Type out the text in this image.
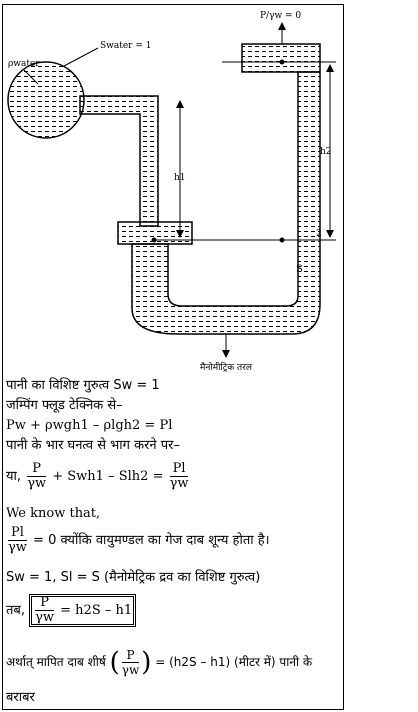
P/γw = 0
Swater = 1
ρwater
h1
h2
2
S
मैनोमीट्रिक तरल
पानी का विशिष्ट गुरुत्व Sw = 1
जम्पिंग फ्लूड टेक्निक से–
Pw + ρwgh1 – ρlgh2 = Pl
पानी के भार घनत्व से भाग करने पर–
या, $\frac{P}{\gamma w} + Swh1 - Slh2 = \frac{Pl}{\gamma w}$
We know that,
$\frac{Pl}{\gamma w} = 0$ क्योंकि वायुमण्डल का गेज दाब शून्य होता है।
Sw = 1, Sl = S (मैनोमेट्रिक द्रव का विशिष्ट गुरुत्व)
तब, $\frac{P}{\gamma w} = h2S - h1$
अर्थात् मापित दाब शीर्ष ( $\frac{P}{\gamma w}$ ) = (h2S – h1) (मीटर में) पानी के
बराबर
